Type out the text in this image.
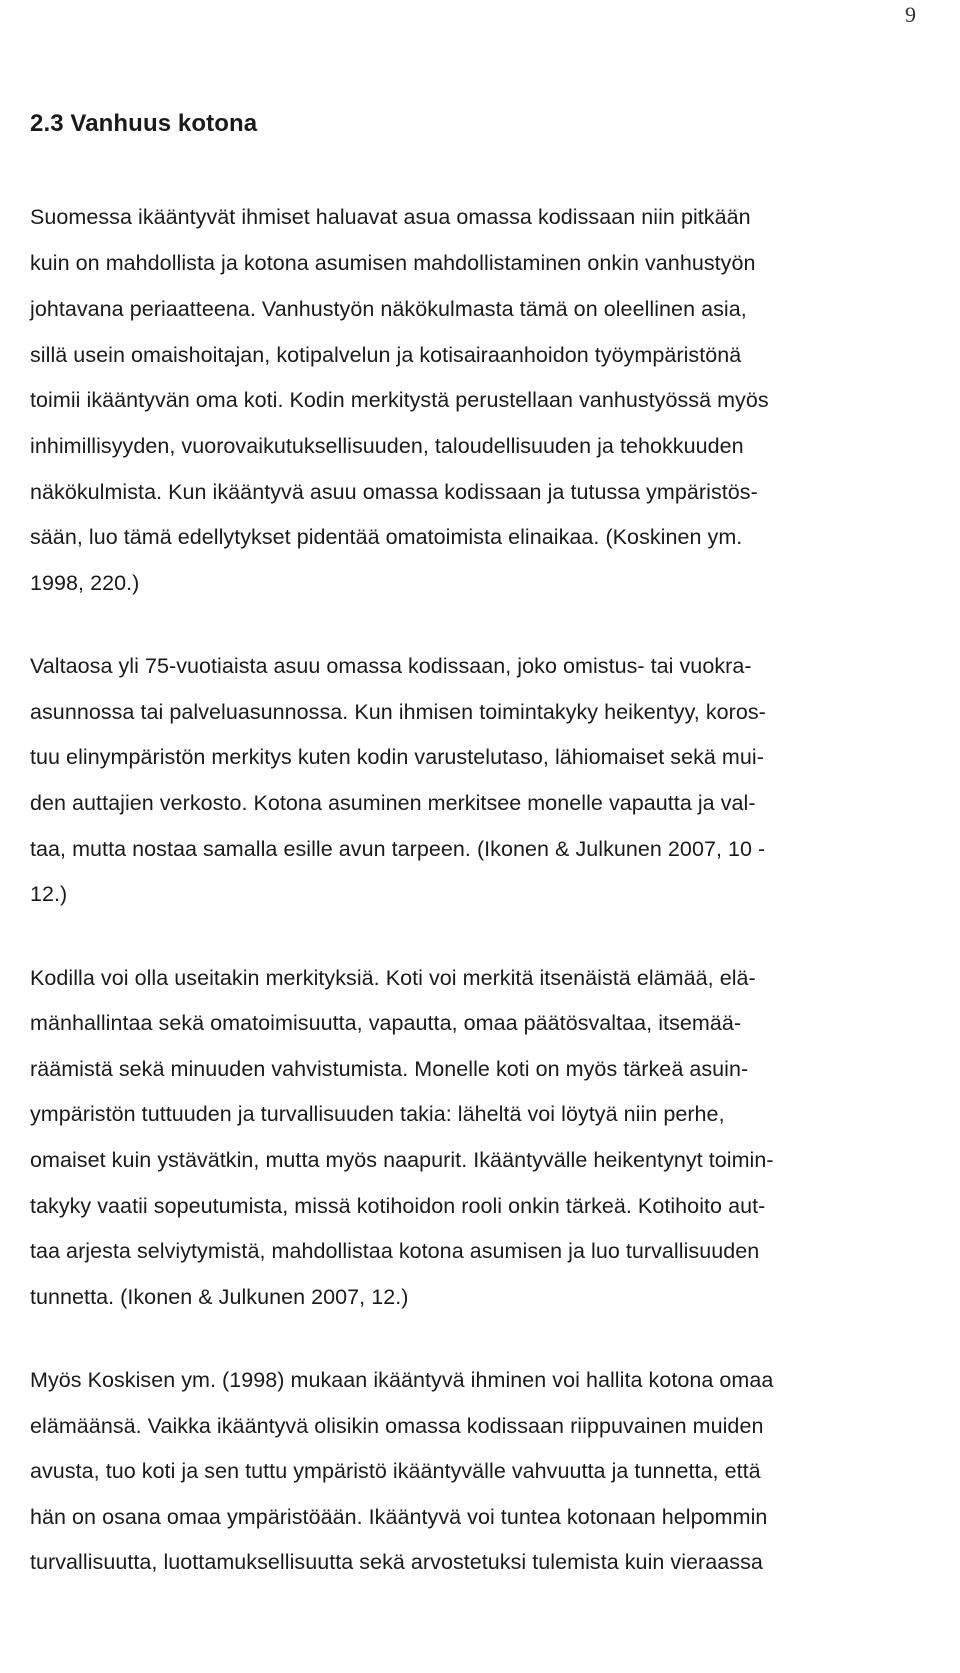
9
2.3 Vanhuus kotona
Suomessa ikääntyvät ihmiset haluavat asua omassa kodissaan niin pitkään
kuin on mahdollista ja kotona asumisen mahdollistaminen onkin vanhustyön
johtavana periaatteena. Vanhustyön näkökulmasta tämä on oleellinen asia,
sillä usein omaishoitajan, kotipalvelun ja kotisairaanhoidon työympäristönä
toimii ikääntyvän oma koti. Kodin merkitystä perustellaan vanhustyössä myös
inhimillisyyden, vuorovaikutuksellisuuden, taloudellisuuden ja tehokkuuden
näkökulmista. Kun ikääntyvä asuu omassa kodissaan ja tutussa ympäristös-
sään, luo tämä edellytykset pidentää omatoimista elinaikaa. (Koskinen ym.
1998, 220.)
Valtaosa yli 75-vuotiaista asuu omassa kodissaan, joko omistus- tai vuokra-
asunnossa tai palveluasunnossa. Kun ihmisen toimintakyky heikentyy, koros-
tuu elinympäristön merkitys kuten kodin varustelutaso, lähiomaiset sekä mui-
den auttajien verkosto. Kotona asuminen merkitsee monelle vapautta ja val-
taa, mutta nostaa samalla esille avun tarpeen. (Ikonen & Julkunen 2007, 10 -
12.)
Kodilla voi olla useitakin merkityksiä. Koti voi merkitä itsenäistä elämää, elä-
mänhallintaa sekä omatoimisuutta, vapautta, omaa päätösvaltaa, itsemää-
räämistä sekä minuuden vahvistumista. Monelle koti on myös tärkeä asuin-
ympäristön tuttuuden ja turvallisuuden takia: läheltä voi löytyä niin perhe,
omaiset kuin ystävätkin, mutta myös naapurit. Ikääntyvälle heikentynyt toimin-
takyky vaatii sopeutumista, missä kotihoidon rooli onkin tärkeä. Kotihoito aut-
taa arjesta selviytymistä, mahdollistaa kotona asumisen ja luo turvallisuuden
tunnetta. (Ikonen & Julkunen 2007, 12.)
Myös Koskisen ym. (1998) mukaan ikääntyvä ihminen voi hallita kotona omaa
elämäänsä. Vaikka ikääntyvä olisikin omassa kodissaan riippuvainen muiden
avusta, tuo koti ja sen tuttu ympäristö ikääntyvälle vahvuutta ja tunnetta, että
hän on osana omaa ympäristöään. Ikääntyvä voi tuntea kotonaan helpommin
turvallisuutta, luottamuksellisuutta sekä arvostetuksi tulemista kuin vieraassa
